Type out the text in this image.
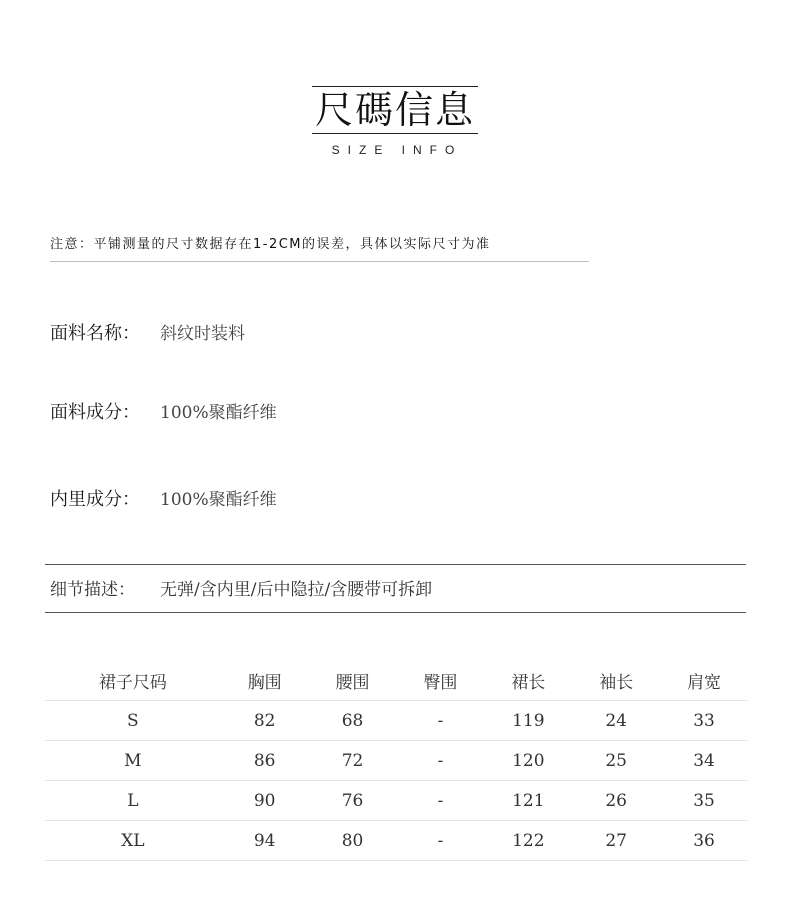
尺碼信息
SIZE INFO
注意：平铺测量的尺寸数据存在1-2CM的误差，具体以实际尺寸为准
面料名称： 斜纹时装料
面料成分： 100%聚酯纤维
内里成分： 100%聚酯纤维
细节描述： 无弹/含内里/后中隐拉/含腰带可拆卸
裙子尺码	胸围	腰围	臀围	裙长	袖长	肩宽
S	82	68	-	119	24	33
M	86	72	-	120	25	34
L	90	76	-	121	26	35
XL	94	80	-	122	27	36
